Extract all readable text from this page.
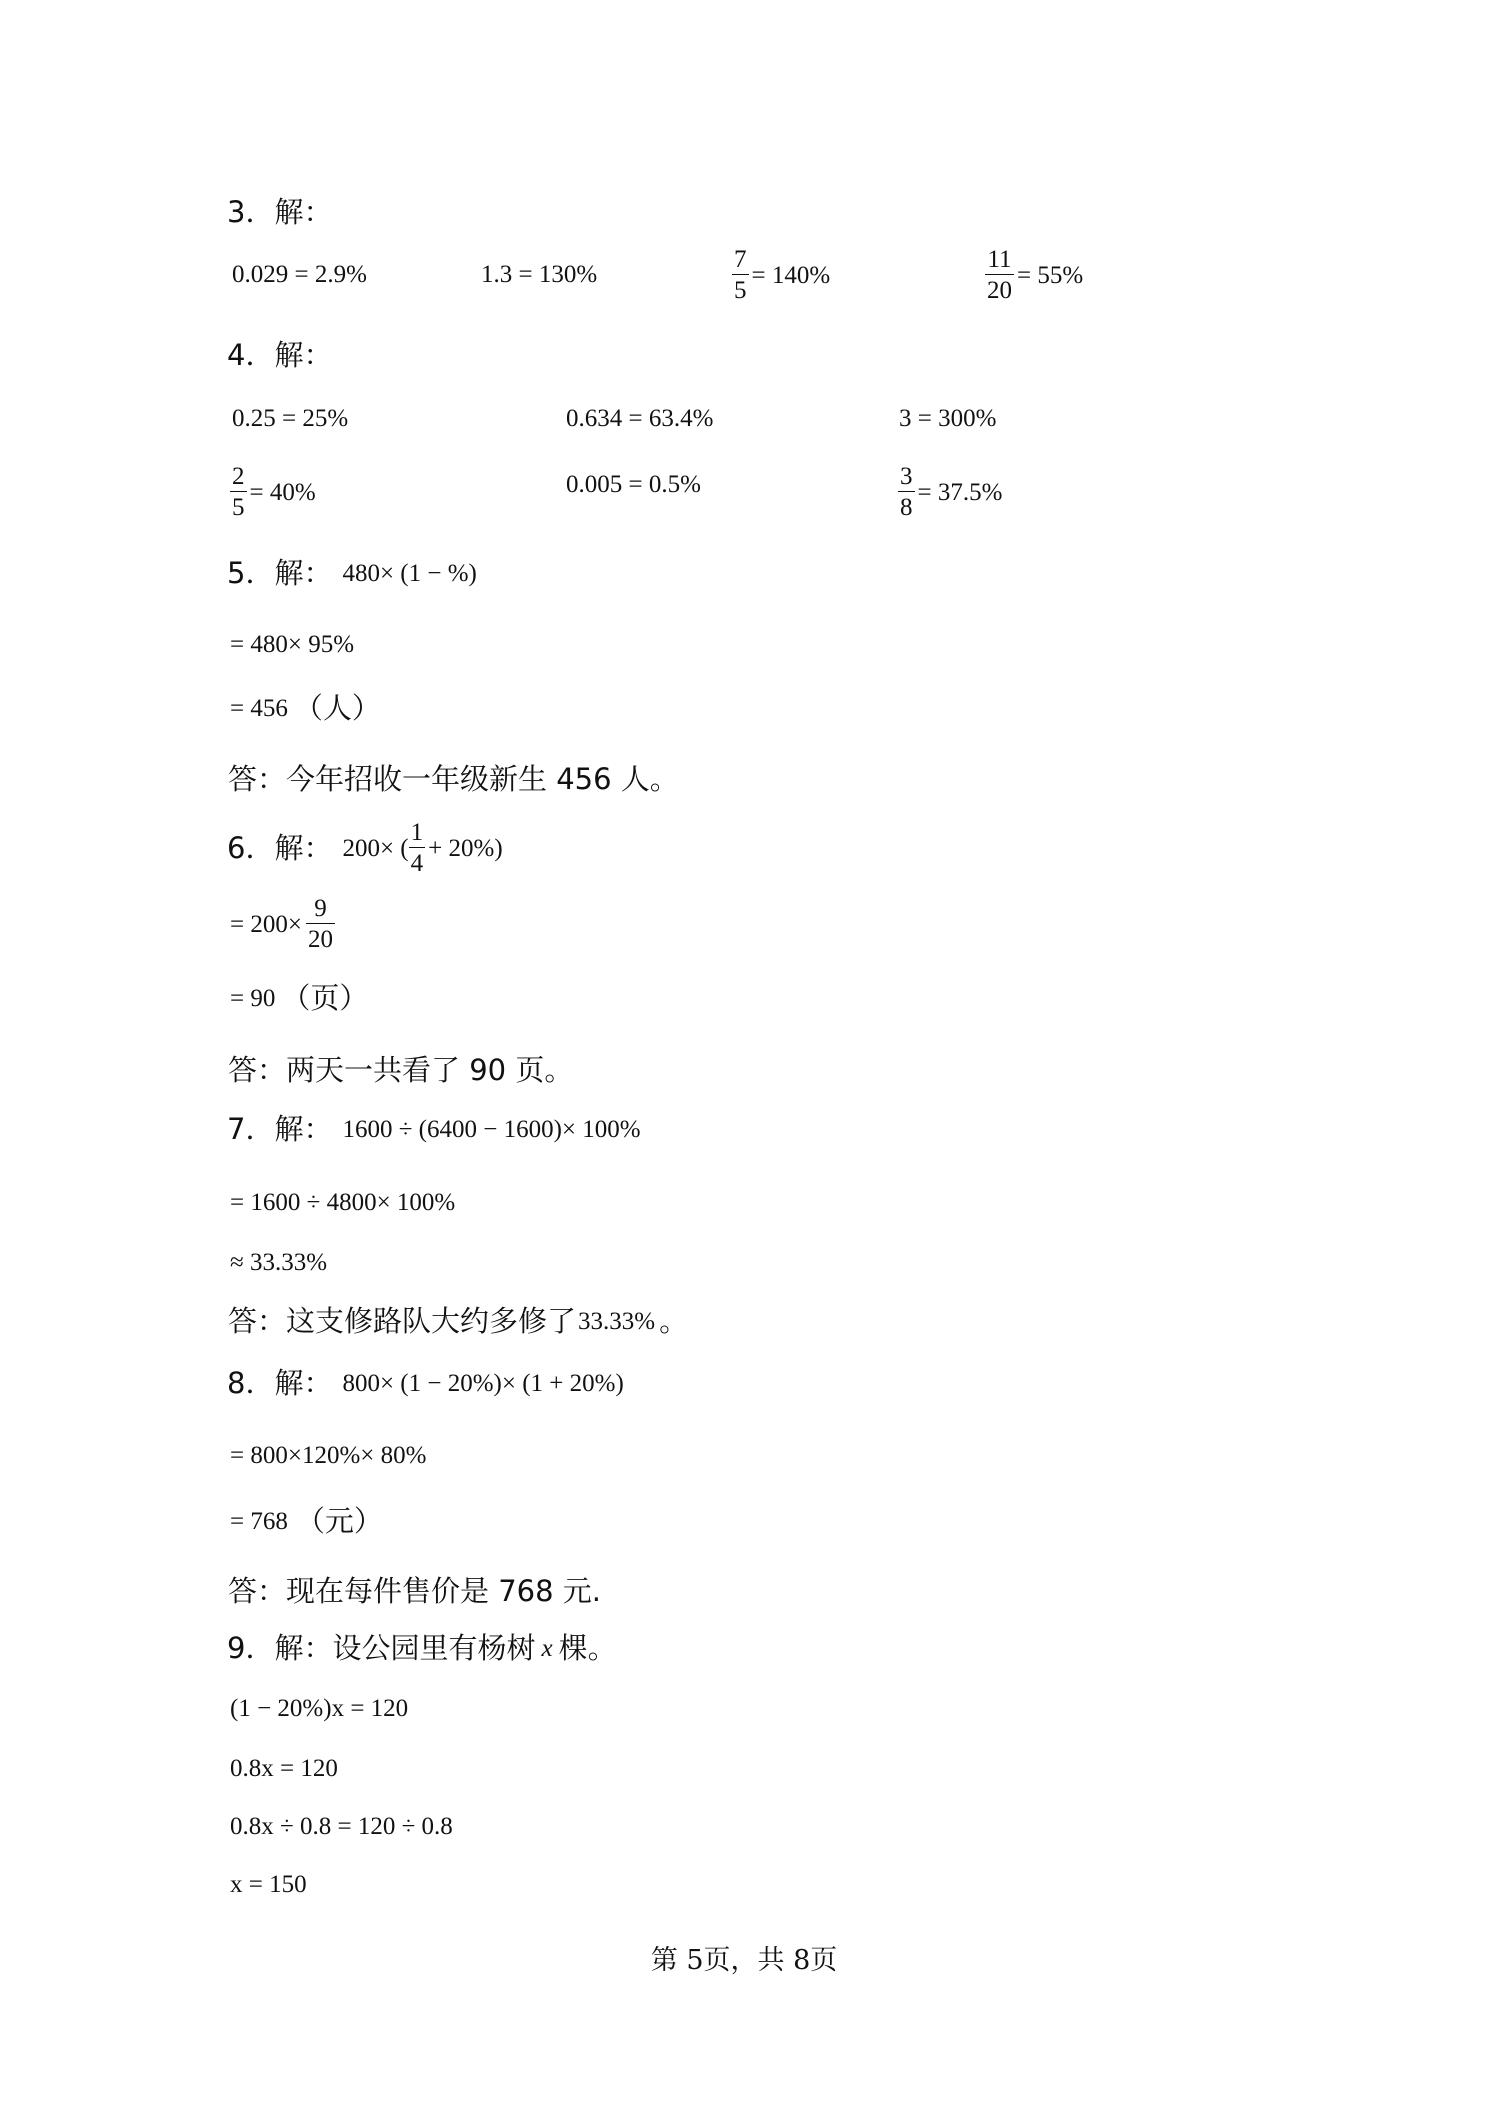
3．解：
0.029 = 2.9%	1.3 = 130%	$\frac{7}{5} = 140\%$	$\frac{11}{20} = 55\%$
4．解：
0.25 = 25%	0.634 = 63.4%	3 = 300%
$\frac{2}{5} = 40\%$	0.005 = 0.5%	$\frac{3}{8} = 37.5\%$
5．解： 480× (1 − %)
= 480× 95%
= 456 （人）
答：今年招收一年级新生 456 人。
6．解： 200× ( $\frac{1}{4} + 20\%$)
= $200\times \frac{9}{20}$
= 90 （页）
答：两天一共看了 90 页。
7．解： 1600 ÷ (6400 − 1600)× 100%
= 1600 ÷ 4800× 100%
≈ 33.33%
答：这支修路队大约多修了 33.33% 。
8．解： 800× (1 − 20%)× (1 + 20%)
= 800×120%× 80%
= 768 （元）
答：现在每件售价是 768 元.
9．解：设公园里有杨树 x 棵。
(1 − 20%)x = 120
0.8x = 120
0.8x ÷ 0.8 = 120 ÷ 0.8
x = 150
第 5页，共 8页
